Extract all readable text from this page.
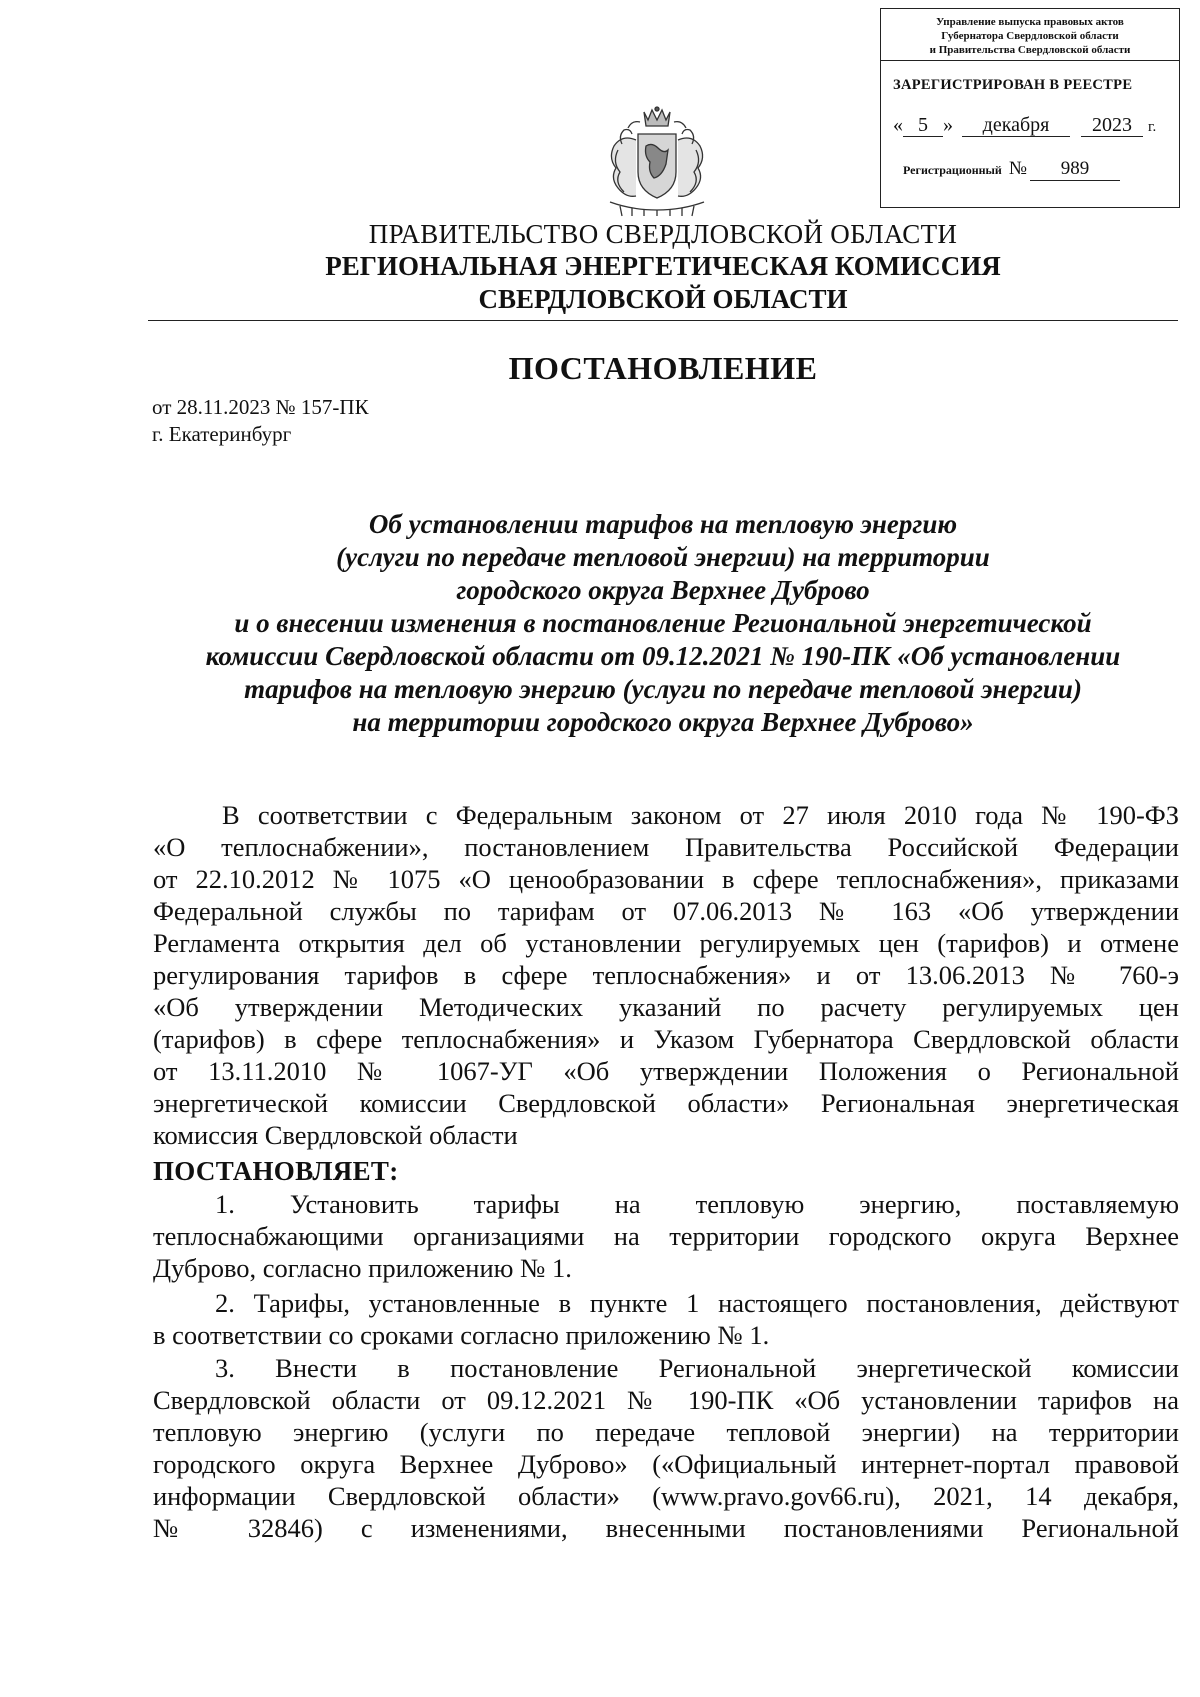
Управление выпуска правовых актов
Губернатора Свердловской области
и Правительства Свердловской области
ЗАРЕГИСТРИРОВАН В РЕЕСТРЕ
« 5 » декабря 2023 г.
Регистрационный № 989
ПРАВИТЕЛЬСТВО СВЕРДЛОВСКОЙ ОБЛАСТИ
РЕГИОНАЛЬНАЯ ЭНЕРГЕТИЧЕСКАЯ КОМИССИЯ
СВЕРДЛОВСКОЙ ОБЛАСТИ
ПОСТАНОВЛЕНИЕ
от 28.11.2023 № 157-ПК
г. Екатеринбург
Об установлении тарифов на тепловую энергию
(услуги по передаче тепловой энергии) на территории
городского округа Верхнее Дуброво
и о внесении изменения в постановление Региональной энергетической
комиссии Свердловской области от 09.12.2021 № 190-ПК «Об установлении
тарифов на тепловую энергию (услуги по передаче тепловой энергии)
на территории городского округа Верхнее Дуброво»
В соответствии с Федеральным законом от 27 июля 2010 года № 190-ФЗ
«О теплоснабжении», постановлением Правительства Российской Федерации
от 22.10.2012 № 1075 «О ценообразовании в сфере теплоснабжения», приказами
Федеральной службы по тарифам от 07.06.2013 № 163 «Об утверждении
Регламента открытия дел об установлении регулируемых цен (тарифов) и отмене
регулирования тарифов в сфере теплоснабжения» и от 13.06.2013 № 760-э
«Об утверждении Методических указаний по расчету регулируемых цен
(тарифов) в сфере теплоснабжения» и Указом Губернатора Свердловской области
от 13.11.2010 № 1067-УГ «Об утверждении Положения о Региональной
энергетической комиссии Свердловской области» Региональная энергетическая
комиссия Свердловской области
ПОСТАНОВЛЯЕТ:
1. Установить тарифы на тепловую энергию, поставляемую
теплоснабжающими организациями на территории городского округа Верхнее
Дуброво, согласно приложению № 1.
2. Тарифы, установленные в пункте 1 настоящего постановления, действуют
в соответствии со сроками согласно приложению № 1.
3. Внести в постановление Региональной энергетической комиссии
Свердловской области от 09.12.2021 № 190-ПК «Об установлении тарифов на
тепловую энергию (услуги по передаче тепловой энергии) на территории
городского округа Верхнее Дуброво» («Официальный интернет-портал правовой
информации Свердловской области» (www.pravo.gov66.ru), 2021, 14 декабря,
№ 32846) с изменениями, внесенными постановлениями Региональной
